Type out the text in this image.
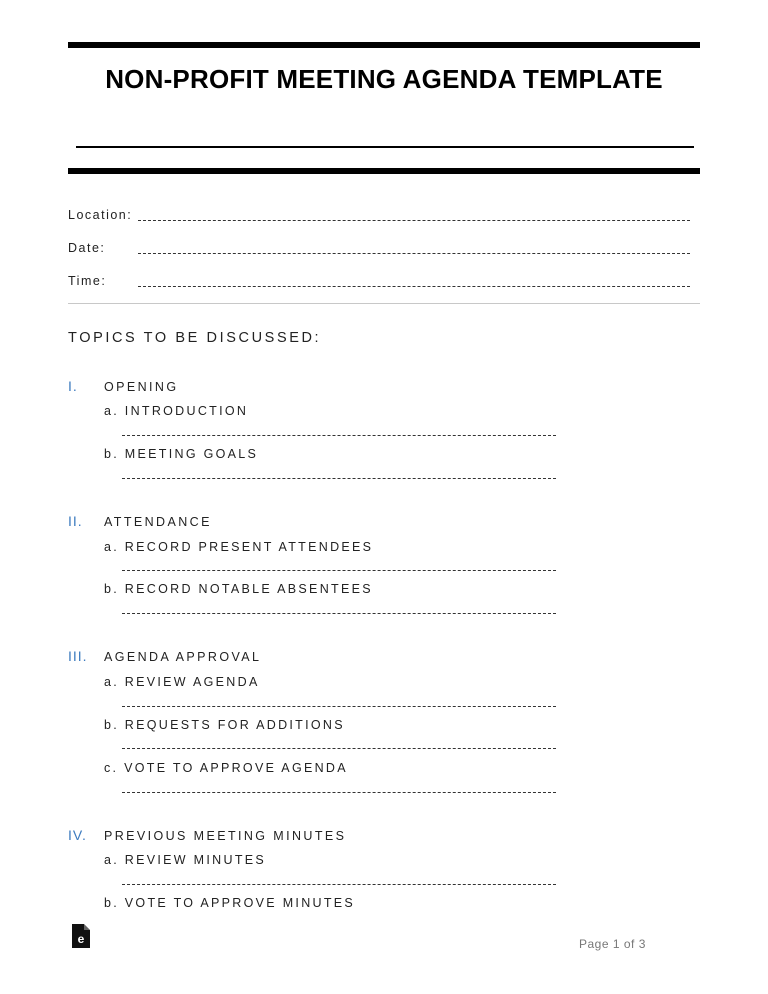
NON-PROFIT MEETING AGENDA TEMPLATE
Location:
Date:
Time:
TOPICS TO BE DISCUSSED:
I. OPENING
a. INTRODUCTION
b. MEETING GOALS
II. ATTENDANCE
a. RECORD PRESENT ATTENDEES
b. RECORD NOTABLE ABSENTEES
III. AGENDA APPROVAL
a. REVIEW AGENDA
b. REQUESTS FOR ADDITIONS
c. VOTE TO APPROVE AGENDA
IV. PREVIOUS MEETING MINUTES
a. REVIEW MINUTES
b. VOTE TO APPROVE MINUTES
e	Page 1 of 3
